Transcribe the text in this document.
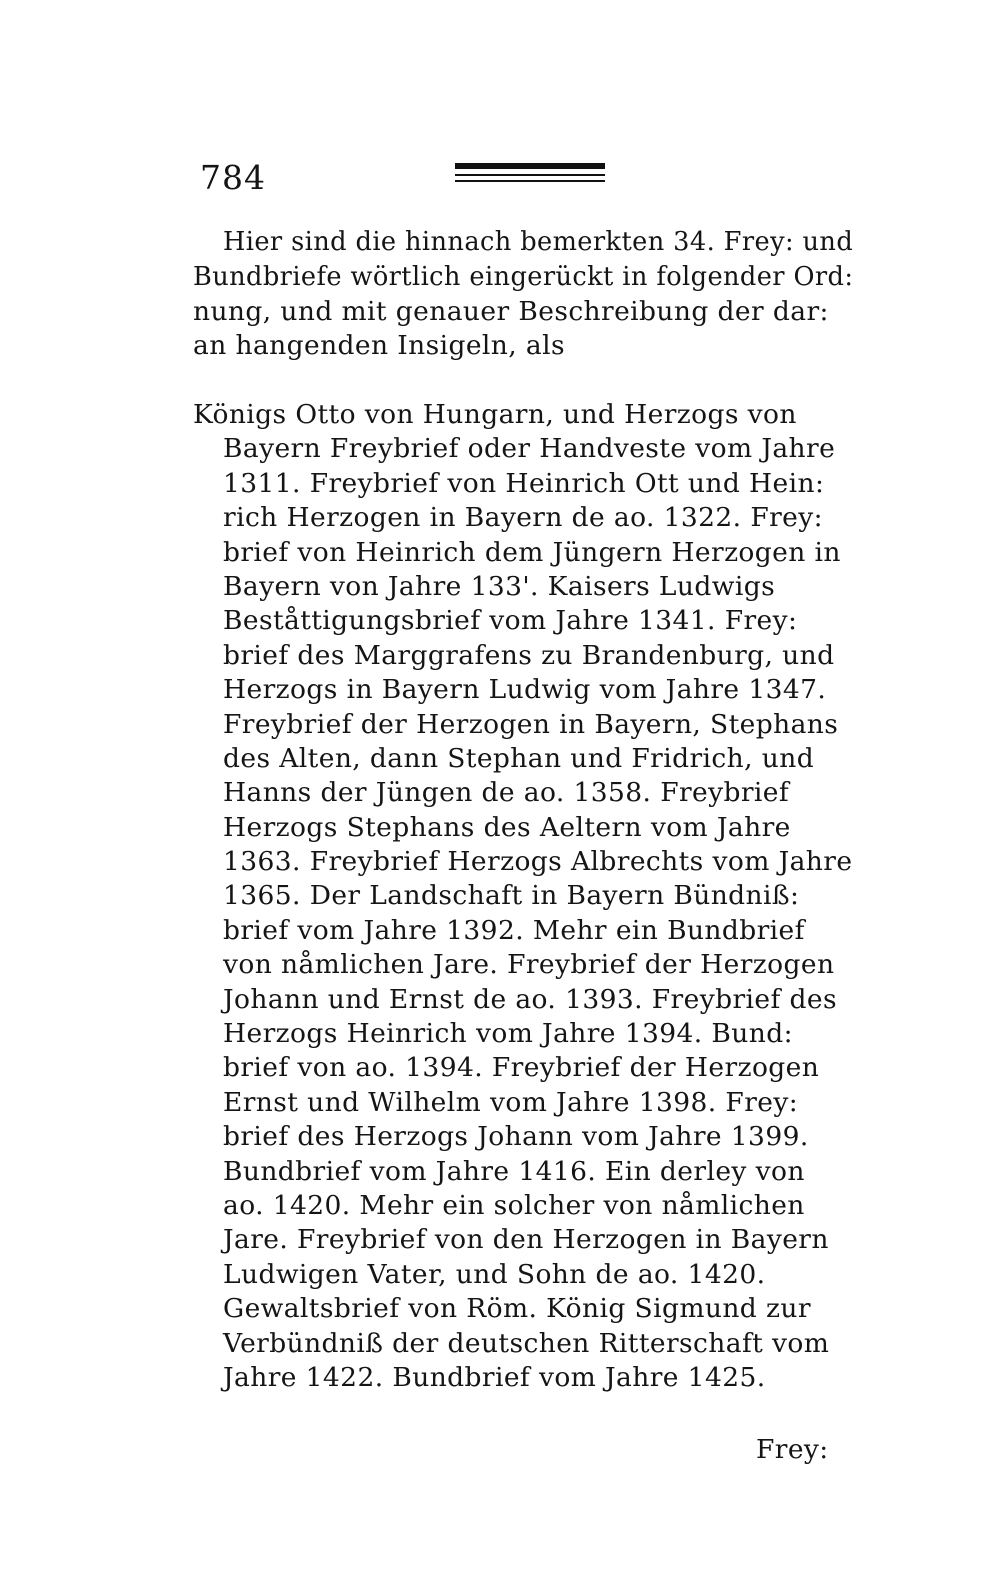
784
Hier sind die hinnach bemerkten 34. Frey: und
Bundbriefe wörtlich eingerückt in folgender Ord:
nung, und mit genauer Beschreibung der dar:
an hangenden Insigeln, als
Königs Otto von Hungarn, und Herzogs von
Bayern Freybrief oder Handveste vom Jahre
1311. Freybrief von Heinrich Ott und Hein:
rich Herzogen in Bayern de ao. 1322. Frey:
brief von Heinrich dem Jüngern Herzogen in
Bayern von Jahre 133'. Kaisers Ludwigs
Beståttigungsbrief vom Jahre 1341. Frey:
brief des Marggrafens zu Brandenburg, und
Herzogs in Bayern Ludwig vom Jahre 1347.
Freybrief der Herzogen in Bayern, Stephans
des Alten, dann Stephan und Fridrich, und
Hanns der Jüngen de ao. 1358. Freybrief
Herzogs Stephans des Aeltern vom Jahre
1363. Freybrief Herzogs Albrechts vom Jahre
1365. Der Landschaft in Bayern Bündniß:
brief vom Jahre 1392. Mehr ein Bundbrief
von nåmlichen Jare. Freybrief der Herzogen
Johann und Ernst de ao. 1393. Freybrief des
Herzogs Heinrich vom Jahre 1394. Bund:
brief von ao. 1394. Freybrief der Herzogen
Ernst und Wilhelm vom Jahre 1398. Frey:
brief des Herzogs Johann vom Jahre 1399.
Bundbrief vom Jahre 1416. Ein derley von
ao. 1420. Mehr ein solcher von nåmlichen
Jare. Freybrief von den Herzogen in Bayern
Ludwigen Vater, und Sohn de ao. 1420.
Gewaltsbrief von Röm. König Sigmund zur
Verbündniß der deutschen Ritterschaft vom
Jahre 1422. Bundbrief vom Jahre 1425.
Frey:
